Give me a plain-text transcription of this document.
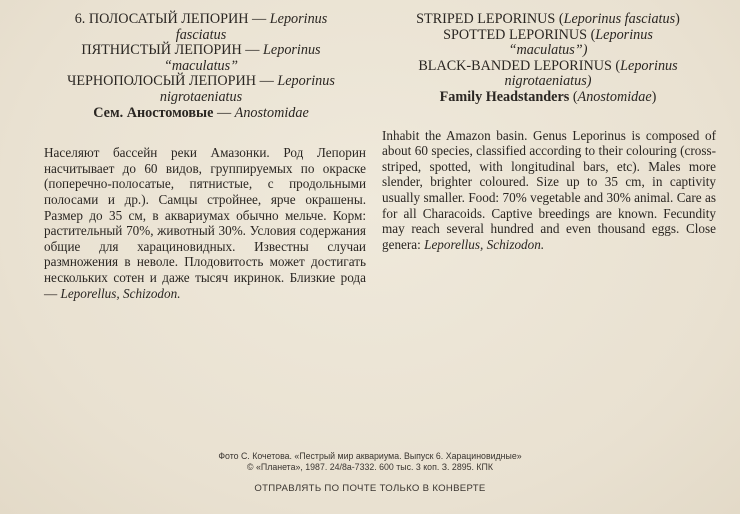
6. ПОЛОСАТЫЙ ЛЕПОРИН — Leporinus
fasciatus
ПЯТНИСТЫЙ ЛЕПОРИН — Leporinus
“maculatus”
ЧЕРНОПОЛОСЫЙ ЛЕПОРИН — Leporinus
nigrotaeniatus
Сем. Аностомовые — Anostomidae
Населяют бассейн реки Амазонки. Род Лепорин насчитывает до 60 видов, группируемых по окраске (поперечно-полосатые, пятнистые, с продольными полосами и др.). Самцы стройнее, ярче окрашены. Размер до 35 см, в аквариумах обычно мельче. Корм: растительный 70%, животный 30%. Условия содержания общие для харациновидных. Известны случаи размножения в неволе. Плодовитость может достигать нескольких сотен и даже тысяч икринок. Близкие рода — Leporellus, Schizodon.
STRIPED LEPORINUS (Leporinus fasciatus)
SPOTTED LEPORINUS (Leporinus
“maculatus”)
BLACK-BANDED LEPORINUS (Leporinus
nigrotaeniatus)
Family Headstanders (Anostomidae)
Inhabit the Amazon basin. Genus Leporinus is composed of about 60 species, classified according to their colouring (cross-striped, spotted, with longitudinal bars, etc). Males more slender, brighter coloured. Size up to 35 cm, in captivity usually smaller. Food: 70% vegetable and 30% animal. Care as for all Characoids. Captive breedings are known. Fecundity may reach several hundred and even thousand eggs. Close genera: Leporellus, Schizodon.
Фото С. Кочетова. «Пестрый мир аквариума. Выпуск 6. Харациновидные»
© «Планета», 1987. 24/8а-7332. 600 тыс. 3 коп. З. 2895. КПК
ОТПРАВЛЯТЬ ПО ПОЧТЕ ТОЛЬКО В КОНВЕРТЕ
